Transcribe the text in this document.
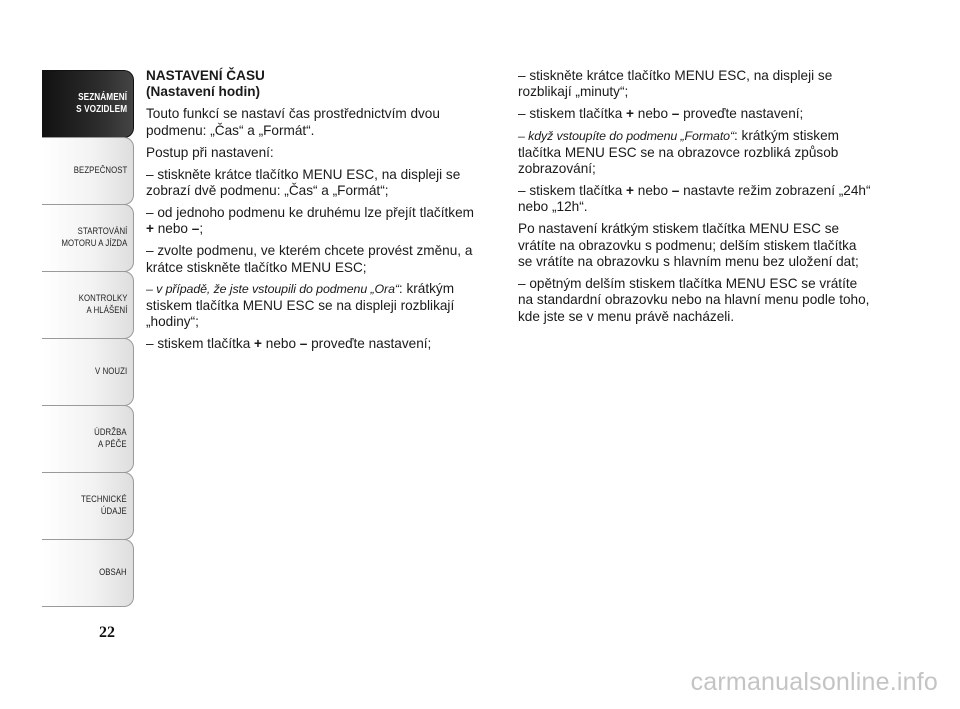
SEZNÁMENÍ
S VOZIDLEM
BEZPEČNOST
STARTOVÁNÍ
MOTORU A JÍZDA
KONTROLKY
A HLÁŠENÍ
V NOUZI
ÚDRŽBA
A PÉČE
TECHNICKÉ
ÚDAJE
OBSAH
22
NASTAVENÍ ČASU
(Nastavení hodin)

Touto funkcí se nastaví čas prostřednictvím dvou podmenu: „Čas“ a „Formát“.

Postup při nastavení:

– stiskněte krátce tlačítko MENU ESC, na displeji se zobrazí dvě podmenu: „Čas“ a „Formát“;

– od jednoho podmenu ke druhému lze přejít tlačítkem
+ nebo –;

– zvolte podmenu, ve kterém chcete provést změnu, a krátce stiskněte tlačítko MENU ESC;

– v případě, že jste vstoupili do podmenu „Ora“: krátkým stiskem tlačítka MENU ESC se na displeji rozblikají „hodiny“;

– stiskem tlačítka + nebo – proveďte nastavení;

– stiskněte krátce tlačítko MENU ESC, na displeji se rozblikají „minuty“;

– stiskem tlačítka + nebo – proveďte nastavení;

– když vstoupíte do podmenu „Formato“: krátkým stiskem tlačítka MENU ESC se na obrazovce rozbliká způsob zobrazování;

– stiskem tlačítka + nebo – nastavte režim zobrazení „24h“ nebo „12h“.

Po nastavení krátkým stiskem tlačítka MENU ESC se vrátíte na obrazovku s podmenu; delším stiskem tlačítka se vrátíte na obrazovku s hlavním menu bez uložení dat;

– opětným delším stiskem tlačítka MENU ESC se vrátíte na standardní obrazovku nebo na hlavní menu podle toho, kde jste se v menu právě nacházeli.

carmanualsonline.info
